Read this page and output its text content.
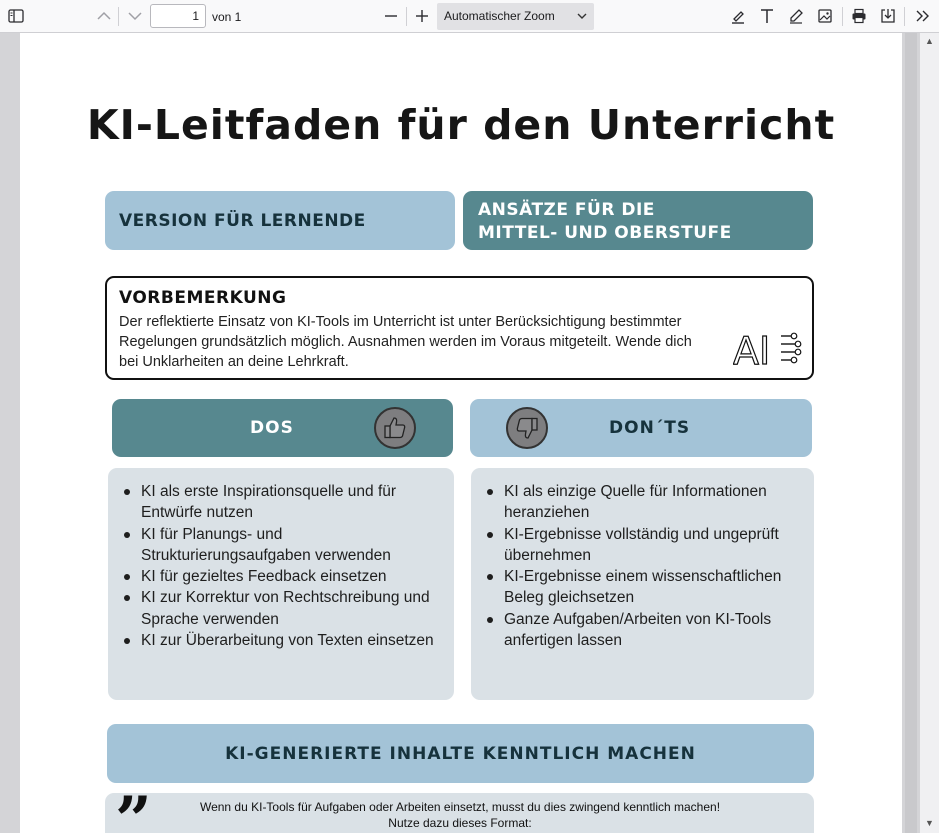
1	von 1	Automatischer Zoom
▲
▼
KI-Leitfaden für den Unterricht
VERSION FÜR LERNENDE
ANSÄTZE FÜR DIE
MITTEL- UND OBERSTUFE
VORBEMERKUNG
Der reflektierte Einsatz von KI-Tools im Unterricht ist unter Berücksichtigung bestimmter Regelungen grundsätzlich möglich. Ausnahmen werden im Voraus mitgeteilt. Wende dich bei Unklarheiten an deine Lehrkraft.	AI
DOS	DON´TS
KI als erste Inspirationsquelle und für Entwürfe nutzen
KI für Planungs- und Strukturierungsaufgaben verwenden
KI für gezieltes Feedback einsetzen
KI zur Korrektur von Rechtschreibung und Sprache verwenden
KI zur Überarbeitung von Texten einsetzen
KI als einzige Quelle für Informationen heranziehen
KI-Ergebnisse vollständig und ungeprüft übernehmen
KI-Ergebnisse einem wissenschaftlichen Beleg gleichsetzen
Ganze Aufgaben/Arbeiten von KI-Tools anfertigen lassen
KI-GENERIERTE INHALTE KENNTLICH MACHEN
”	Wenn du KI-Tools für Aufgaben oder Arbeiten einsetzt, musst du dies zwingend kenntlich machen!
Nutze dazu dieses Format:
